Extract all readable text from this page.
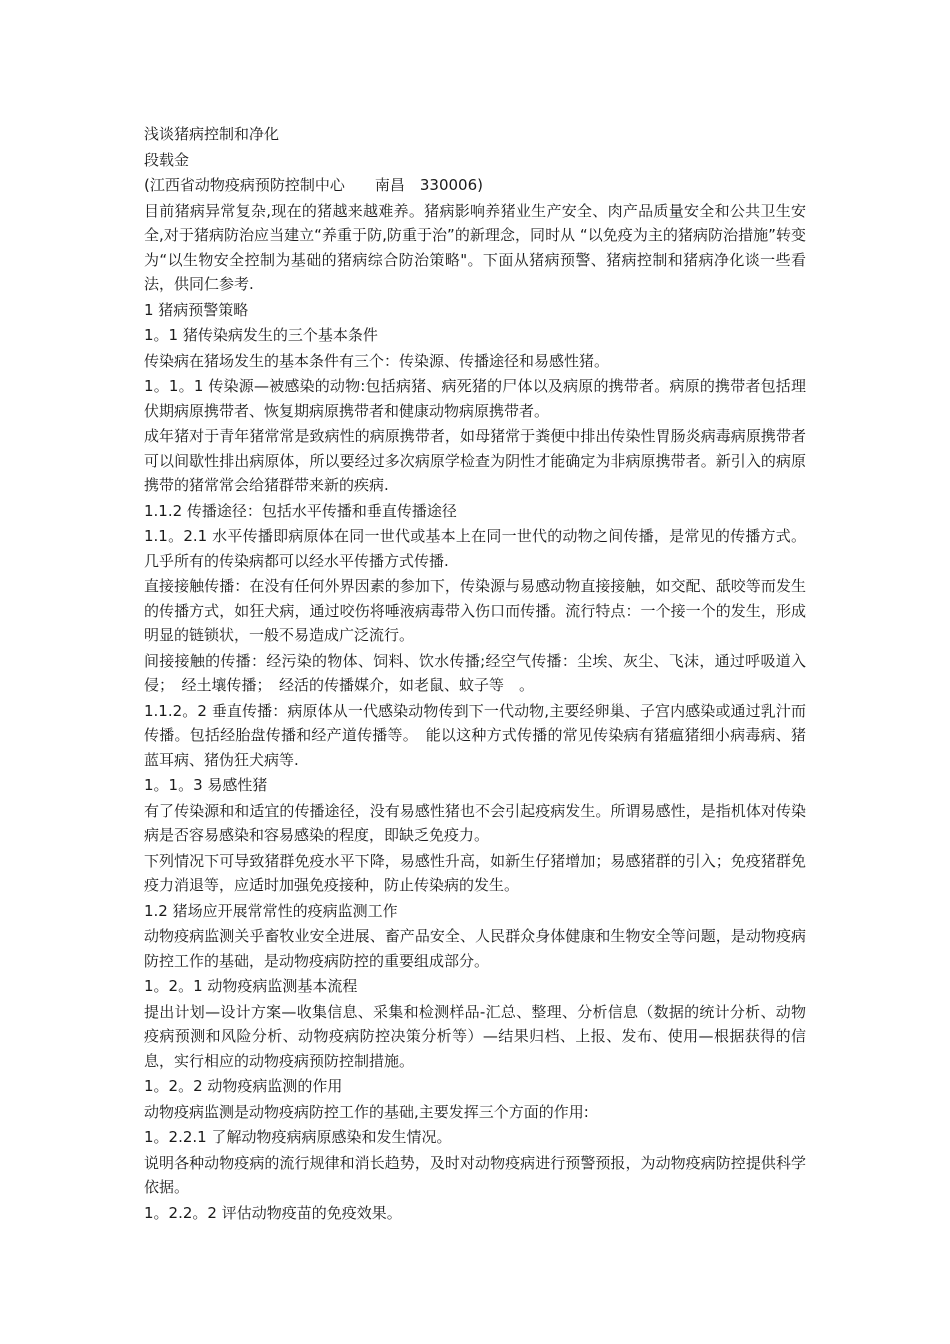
浅谈猪病控制和净化

段载金

(江西省动物疫病预防控制中心　　南昌　330006)

目前猪病异常复杂,现在的猪越来越难养。猪病影响养猪业生产安全、肉产品质量安全和公共卫生安全,对于猪病防治应当建立“养重于防,防重于治”的新理念，同时从 “以免疫为主的猪病防治措施”转变为“以生物安全控制为基础的猪病综合防治策略"。下面从猪病预警、猪病控制和猪病净化谈一些看法，供同仁参考.

1 猪病预警策略

1。1 猪传染病发生的三个基本条件

传染病在猪场发生的基本条件有三个：传染源、传播途径和易感性猪。

1。1。1 传染源—被感染的动物:包括病猪、病死猪的尸体以及病原的携带者。病原的携带者包括理伏期病原携带者、恢复期病原携带者和健康动物病原携带者。

成年猪对于青年猪常常是致病性的病原携带者，如母猪常于粪便中排出传染性胃肠炎病毒病原携带者可以间歇性排出病原体，所以要经过多次病原学检查为阴性才能确定为非病原携带者。新引入的病原携带的猪常常会给猪群带来新的疾病.

1.1.2 传播途径：包括水平传播和垂直传播途径

1.1。2.1 水平传播即病原体在同一世代或基本上在同一世代的动物之间传播，是常见的传播方式。几乎所有的传染病都可以经水平传播方式传播.

直接接触传播：在没有任何外界因素的参加下，传染源与易感动物直接接触，如交配、舐咬等而发生的传播方式，如狂犬病，通过咬伤将唾液病毒带入伤口而传播。流行特点：一个接一个的发生，形成明显的链锁状，一般不易造成广泛流行。

间接接触的传播：经污染的物体、饲料、饮水传播;经空气传播：尘埃、灰尘、飞沫，通过呼吸道入侵；　经土壤传播；　经活的传播媒介，如老鼠、蚊子等　。

1.1.2。2 垂直传播：病原体从一代感染动物传到下一代动物,主要经卵巢、子宫内感染或通过乳汁而传播。包括经胎盘传播和经产道传播等。　能以这种方式传播的常见传染病有猪瘟猪细小病毒病、猪蓝耳病、猪伪狂犬病等.

1。1。3 易感性猪

有了传染源和和适宜的传播途径，没有易感性猪也不会引起疫病发生。所谓易感性，是指机体对传染病是否容易感染和容易感染的程度，即缺乏免疫力。

下列情况下可导致猪群免疫水平下降，易感性升高，如新生仔猪增加；易感猪群的引入；免疫猪群免疫力消退等，应适时加强免疫接种，防止传染病的发生。

1.2 猪场应开展常常性的疫病监测工作

动物疫病监测关乎畜牧业安全进展、畜产品安全、人民群众身体健康和生物安全等问题，是动物疫病防控工作的基础，是动物疫病防控的重要组成部分。

1。2。1 动物疫病监测基本流程

提出计划—设计方案—收集信息、采集和检测样品-汇总、整理、分析信息（数据的统计分析、动物疫病预测和风险分析、动物疫病防控决策分析等）—结果归档、上报、发布、使用—根据获得的信息，实行相应的动物疫病预防控制措施。

1。2。2 动物疫病监测的作用

动物疫病监测是动物疫病防控工作的基础,主要发挥三个方面的作用:

1。2.2.1 了解动物疫病病原感染和发生情况。

说明各种动物疫病的流行规律和消长趋势，及时对动物疫病进行预警预报，为动物疫病防控提供科学依据。

1。2.2。2 评估动物疫苗的免疫效果。
